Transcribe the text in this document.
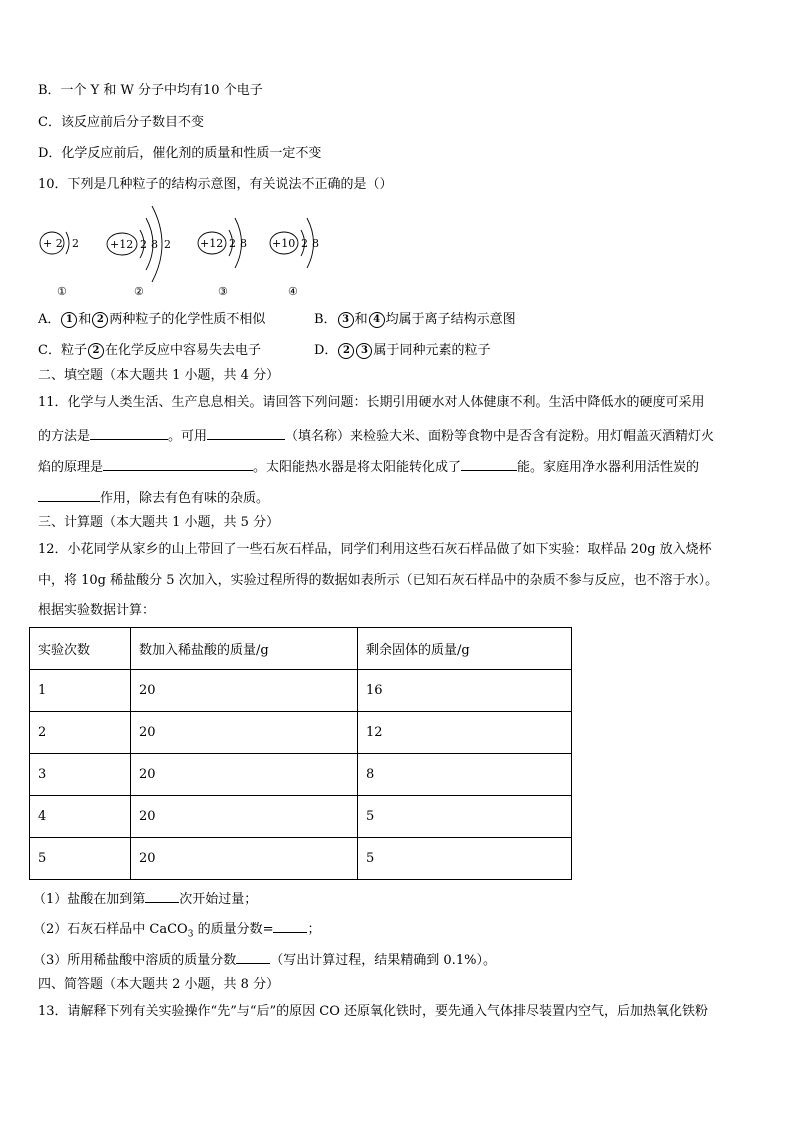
B．一个 Y 和 W 分子中均有10 个电子
C．该反应前后分子数目不变
D．化学反应前后，催化剂的质量和性质一定不变
10．下列是几种粒子的结构示意图，有关说法不正确的是（）
+ 2 2
①
+12 2 8 2
②
+12 2 8
③
+10 2 8
④
A． 1 和 2 两种粒子的化学性质不相似	B． 3 和 4 均属于离子结构示意图
C．粒子 2 在化学反应中容易失去电子	D． 2 3 属于同种元素的粒子
二、填空题（本大题共 1 小题，共 4 分）
11．化学与人类生活、生产息息相关。请回答下列问题：长期引用硬水对人体健康不利。生活中降低水的硬度可采用
的方法是	。可用	（填名称）来检验大米、面粉等食物中是否含有淀粉。用灯帽盖灭酒精灯火
焰的原理是	。太阳能热水器是将太阳能转化成了	能。家庭用净水器利用活性炭的
作用，除去有色有味的杂质。
三、计算题（本大题共 1 小题，共 5 分）
12．小花同学从家乡的山上带回了一些石灰石样品，同学们利用这些石灰石样品做了如下实验：取样品 20g 放入烧杯
中，将 10g 稀盐酸分 5 次加入，实验过程所得的数据如表所示（已知石灰石样品中的杂质不参与反应，也不溶于水）。
根据实验数据计算：
实验次数	数加入稀盐酸的质量/g	剩余固体的质量/g
1	20	16
2	20	12
3	20	8
4	20	5
5	20	5
（1）盐酸在加到第	次开始过量；
（2）石灰石样品中 CaCO$_3$ 的质量分数=	；
（3）所用稀盐酸中溶质的质量分数	（写出计算过程，结果精确到 0.1%）。
四、简答题（本大题共 2 小题，共 8 分）
13．请解释下列有关实验操作“先”与“后”的原因 CO 还原氧化铁时，要先通入气体排尽装置内空气，后加热氧化铁粉
